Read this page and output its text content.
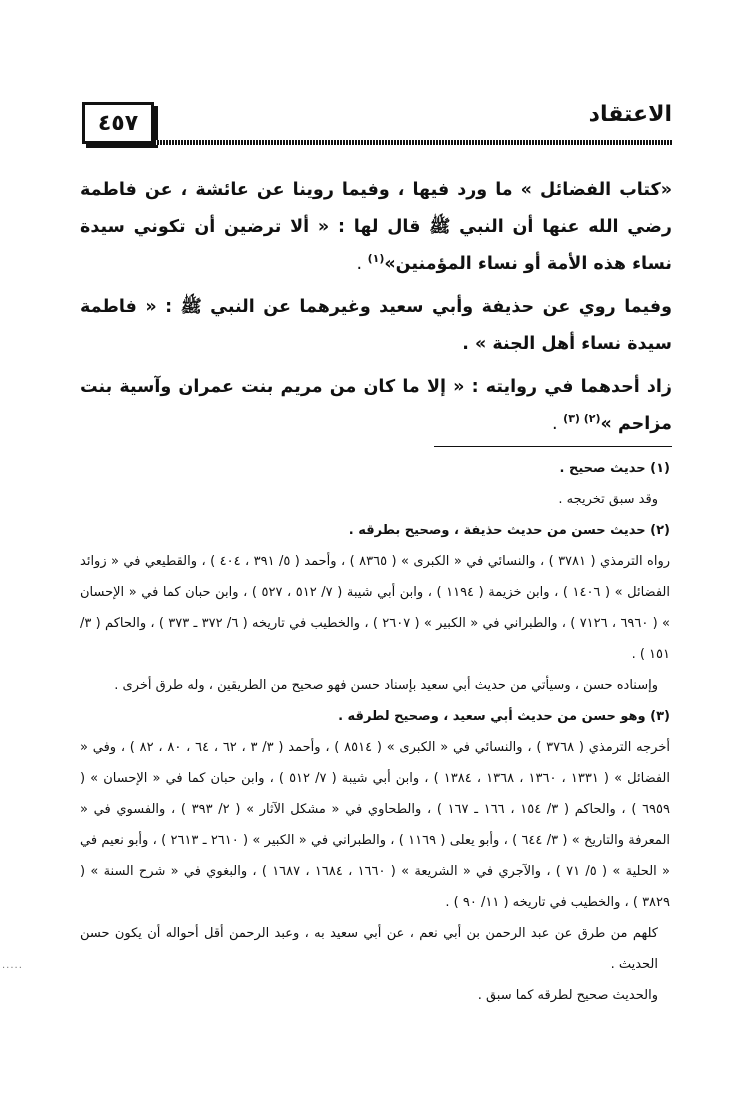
٤٥٧	الاعتقاد

«كتاب الفضائل » ما ورد فيها ، وفيما روينا عن عائشة ، عن فاطمة رضي الله عنها أن النبي ﷺ قال لها : « ألا ترضين أن تكوني سيدة نساء هذه الأمة أو نساء المؤمنين»$^{(١)}$ .

وفيما روي عن حذيفة وأبي سعيد وغيرهما عن النبي ﷺ : « فاطمة سيدة نساء أهل الجنة » .

زاد أحدهما في روايته : « إلا ما كان من مريم بنت عمران وآسية بنت مزاحم »$^{(٢) (٣)}$ .

(١) حديث صحيح .

وقد سبق تخريجه .

(٢) حديث حسن من حديث حذيفة ، وصحيح بطرقه .

رواه الترمذي ( ٣٧٨١ ) ، والنسائي في « الكبرى » ( ٨٣٦٥ ) ، وأحمد ( ٥/ ٣٩١ ، ٤٠٤ ) ، والقطيعي في « زوائد الفضائل » ( ١٤٠٦ ) ، وابن خزيمة ( ١١٩٤ ) ، وابن أبي شيبة ( ٧/ ٥١٢ ، ٥٢٧ ) ، وابن حبان كما في « الإحسان » ( ٦٩٦٠ ، ٧١٢٦ ) ، والطبراني في « الكبير » ( ٢٦٠٧ ) ، والخطيب في تاريخه ( ٦/ ٣٧٢ ـ ٣٧٣ ) ، والحاكم ( ٣/ ١٥١ ) .

وإسناده حسن ، وسيأتي من حديث أبي سعيد بإسناد حسن فهو صحيح من الطريقين ، وله طرق أخرى .

(٣) وهو حسن من حديث أبي سعيد ، وصحيح لطرقه .

أخرجه الترمذي ( ٣٧٦٨ ) ، والنسائي في « الكبرى » ( ٨٥١٤ ) ، وأحمد ( ٣/ ٣ ، ٦٢ ، ٦٤ ، ٨٠ ، ٨٢ ) ، وفي « الفضائل » ( ١٣٣١ ، ١٣٦٠ ، ١٣٦٨ ، ١٣٨٤ ) ، وابن أبي شيبة ( ٧/ ٥١٢ ) ، وابن حبان كما في « الإحسان » ( ٦٩٥٩ ) ، والحاكم ( ٣/ ١٥٤ ، ١٦٦ ـ ١٦٧ ) ، والطحاوي في « مشكل الآثار » ( ٢/ ٣٩٣ ) ، والفسوي في « المعرفة والتاريخ » ( ٣/ ٦٤٤ ) ، وأبو يعلى ( ١١٦٩ ) ، والطبراني في « الكبير » ( ٢٦١٠ ـ ٢٦١٣ ) ، وأبو نعيم في « الحلية » ( ٥/ ٧١ ) ، والآجري في « الشريعة » ( ١٦٦٠ ، ١٦٨٤ ، ١٦٨٧ ) ، والبغوي في « شرح السنة » ( ٣٨٢٩ ) ، والخطيب في تاريخه ( ١١/ ٩٠ ) .

كلهم من طرق عن عبد الرحمن بن أبي نعم ، عن أبي سعيد به ، وعبد الرحمن أقل أحواله أن يكون حسن الحديث .

والحديث صحيح لطرقه كما سبق .

.....
